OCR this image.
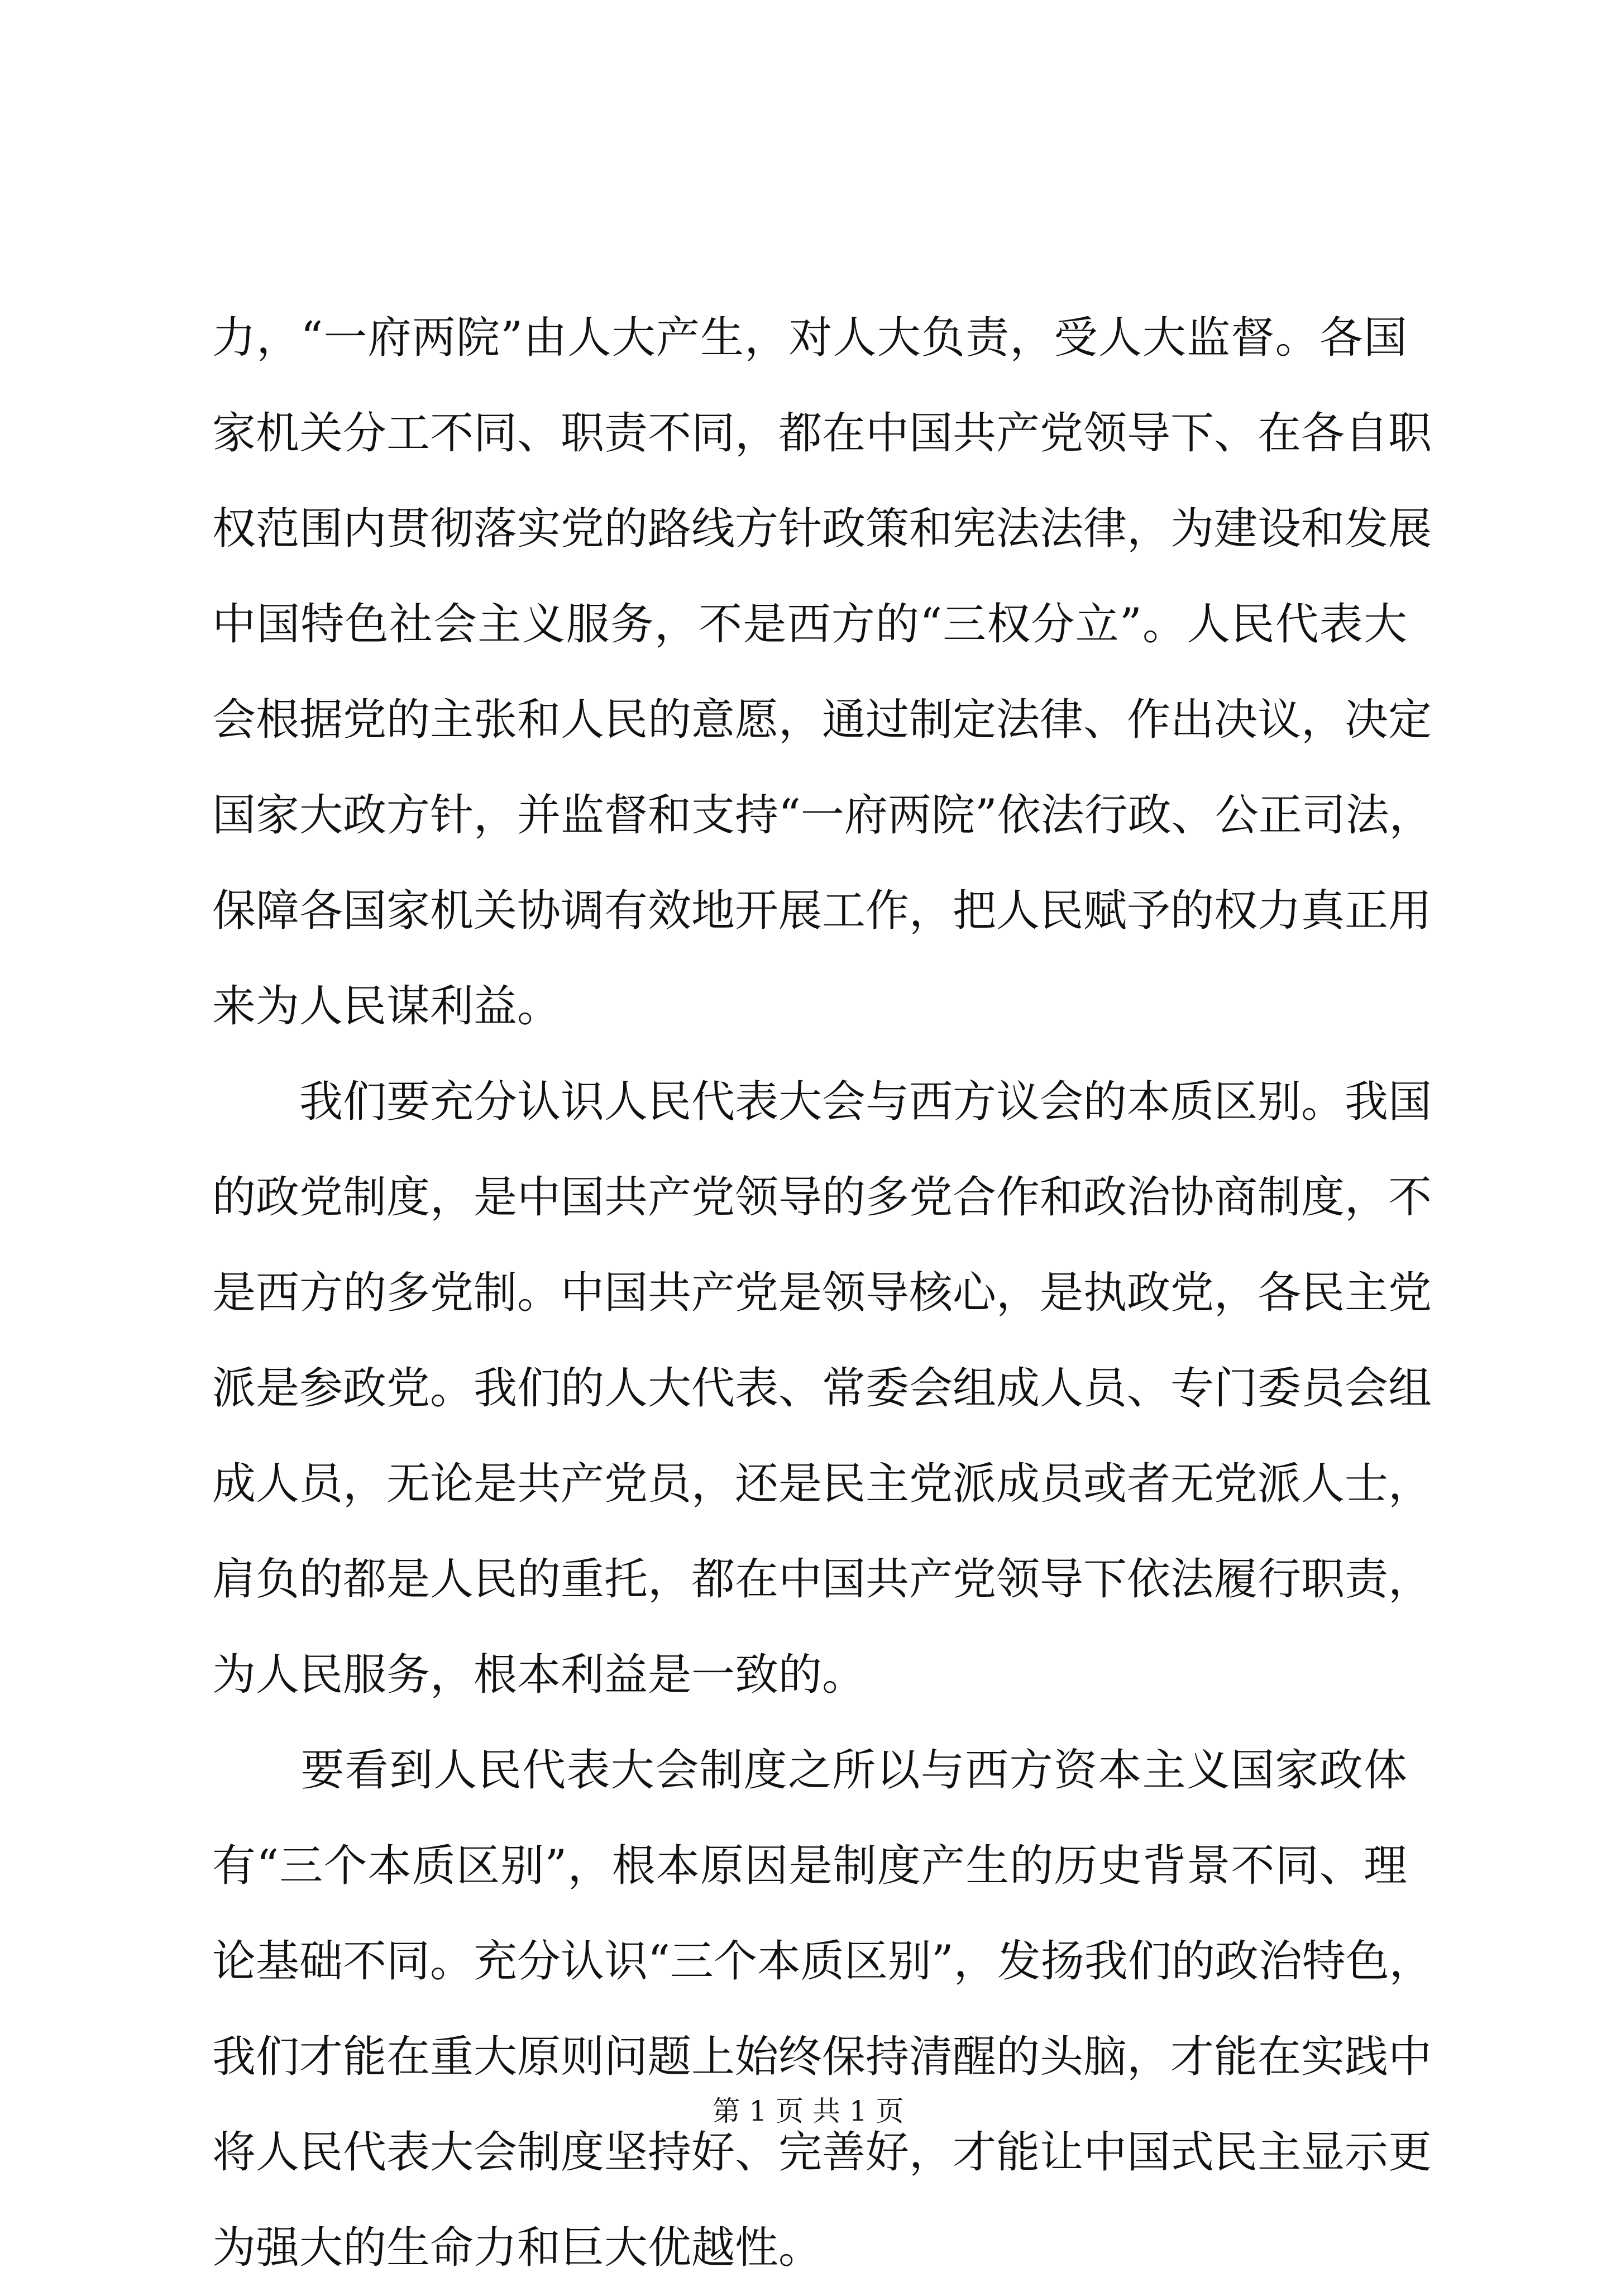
力，“一府两院”由人大产生，对人大负责，受人大监督。各国
家机关分工不同、职责不同，都在中国共产党领导下、在各自职
权范围内贯彻落实党的路线方针政策和宪法法律，为建设和发展
中国特色社会主义服务，不是西方的“三权分立”。人民代表大
会根据党的主张和人民的意愿，通过制定法律、作出决议，决定
国家大政方针，并监督和支持“一府两院”依法行政、公正司法，
保障各国家机关协调有效地开展工作，把人民赋予的权力真正用
来为人民谋利益。
　　我们要充分认识人民代表大会与西方议会的本质区别。我国
的政党制度，是中国共产党领导的多党合作和政治协商制度，不
是西方的多党制。中国共产党是领导核心，是执政党，各民主党
派是参政党。我们的人大代表、常委会组成人员、专门委员会组
成人员，无论是共产党员，还是民主党派成员或者无党派人士，
肩负的都是人民的重托，都在中国共产党领导下依法履行职责，
为人民服务，根本利益是一致的。
　　要看到人民代表大会制度之所以与西方资本主义国家政体
有“三个本质区别”，根本原因是制度产生的历史背景不同、理
论基础不同。充分认识“三个本质区别”，发扬我们的政治特色，
我们才能在重大原则问题上始终保持清醒的头脑，才能在实践中
将人民代表大会制度坚持好、完善好，才能让中国式民主显示更
为强大的生命力和巨大优越性。
第 1 页 共 1 页
